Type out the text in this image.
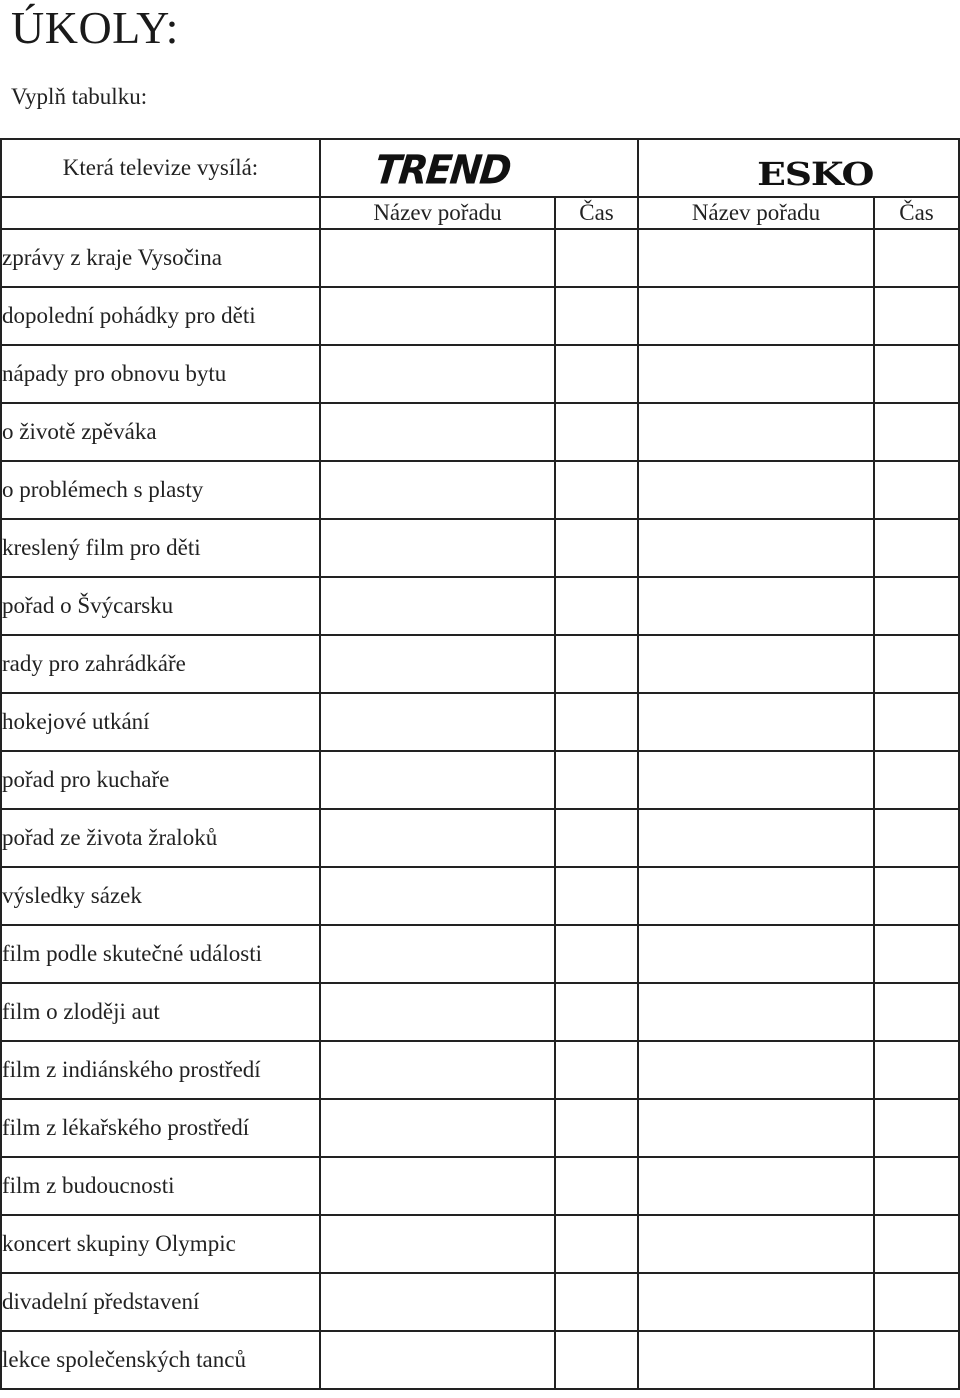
ÚKOLY:
Vyplň tabulku:
Která televize vysílá:	TREND		ESKO	
	Název pořadu	Čas	Název pořadu	Čas
zprávy z kraje Vysočina				
dopolední pohádky pro děti				
nápady pro obnovu bytu				
o životě zpěváka				
o problémech s plasty				
kreslený film pro děti				
pořad o Švýcarsku				
rady pro zahrádkáře				
hokejové utkání				
pořad pro kuchaře				
pořad ze života žraloků				
výsledky sázek				
film podle skutečné události				
film o zloději aut				
film z indiánského prostředí				
film z lékařského prostředí				
film z budoucnosti				
koncert skupiny Olympic				
divadelní představení				
lekce společenských tanců				
